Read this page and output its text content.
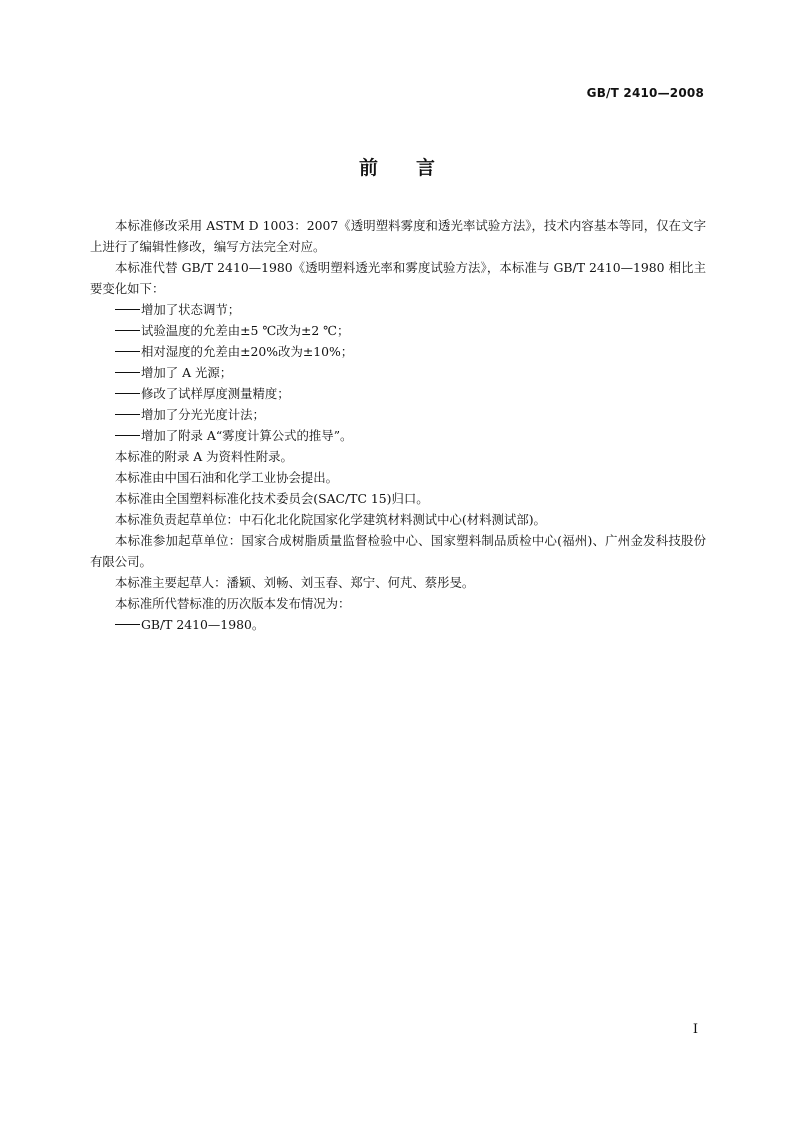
GB/T 2410—2008
前言

本标准修改采用 ASTM D 1003：2007《透明塑料雾度和透光率试验方法》，技术内容基本等同，仅在文字上进行了编辑性修改，编写方法完全对应。

本标准代替 GB/T 2410—1980《透明塑料透光率和雾度试验方法》，本标准与 GB/T 2410—1980 相比主要变化如下：

增加了状态调节；
试验温度的允差由±5 ℃改为±2 ℃；
相对湿度的允差由±20%改为±10%；
增加了 A 光源；
修改了试样厚度测量精度；
增加了分光光度计法；
增加了附录 A“雾度计算公式的推导”。

本标准的附录 A 为资料性附录。

本标准由中国石油和化学工业协会提出。

本标准由全国塑料标准化技术委员会(SAC/TC 15)归口。

本标准负责起草单位：中石化北化院国家化学建筑材料测试中心(材料测试部)。

本标准参加起草单位：国家合成树脂质量监督检验中心、国家塑料制品质检中心(福州)、广州金发科技股份有限公司。

本标准主要起草人：潘颖、刘畅、刘玉春、郑宁、何芃、蔡彤旻。

本标准所代替标准的历次版本发布情况为：

GB/T 2410—1980。
I
